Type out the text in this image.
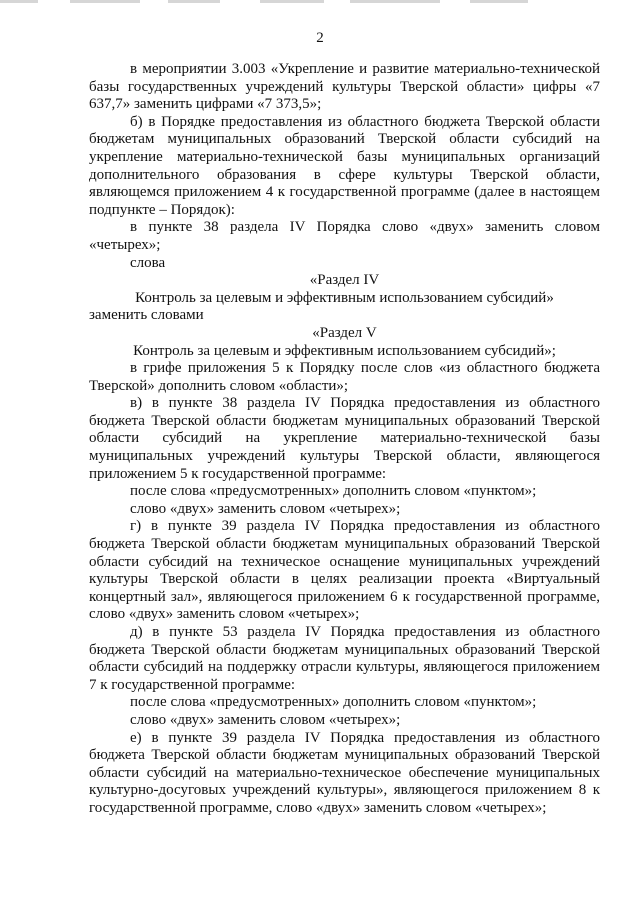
2

в мероприятии 3.003 «Укрепление и развитие материально-технической базы государственных учреждений культуры Тверской области» цифры «7 637,7» заменить цифрами «7 373,5»;

б) в Порядке предоставления из областного бюджета Тверской области бюджетам муниципальных образований Тверской области субсидий на укрепление материально-технической базы муниципальных организаций дополнительного образования в сфере культуры Тверской области, являющемся приложением 4 к государственной программе (далее в настоящем подпункте – Порядок):

в пункте 38 раздела IV Порядка слово «двух» заменить словом «четырех»;

слова

«Раздел IV

Контроль за целевым и эффективным использованием субсидий»

заменить словами

«Раздел V

Контроль за целевым и эффективным использованием субсидий»;

в грифе приложения 5 к Порядку после слов «из областного бюджета Тверской» дополнить словом «области»;

в) в пункте 38 раздела IV Порядка предоставления из областного бюджета Тверской области бюджетам муниципальных образований Тверской области субсидий на укрепление материально-технической базы муниципальных учреждений культуры Тверской области, являющегося приложением 5 к государственной программе:

после слова «предусмотренных» дополнить словом «пунктом»;

слово «двух» заменить словом «четырех»;

г) в пункте 39 раздела IV Порядка предоставления из областного бюджета Тверской области бюджетам муниципальных образований Тверской области субсидий на техническое оснащение муниципальных учреждений культуры Тверской области в целях реализации проекта «Виртуальный концертный зал», являющегося приложением 6 к государственной программе, слово «двух» заменить словом «четырех»;

д) в пункте 53 раздела IV Порядка предоставления из областного бюджета Тверской области бюджетам муниципальных образований Тверской области субсидий на поддержку отрасли культуры, являющегося приложением 7 к государственной программе:

после слова «предусмотренных» дополнить словом «пунктом»;

слово «двух» заменить словом «четырех»;

е) в пункте 39 раздела IV Порядка предоставления из областного бюджета Тверской области бюджетам муниципальных образований Тверской области субсидий на материально-техническое обеспечение муниципальных культурно-досуговых учреждений культуры», являющегося приложением 8 к государственной программе, слово «двух» заменить словом «четырех»;
